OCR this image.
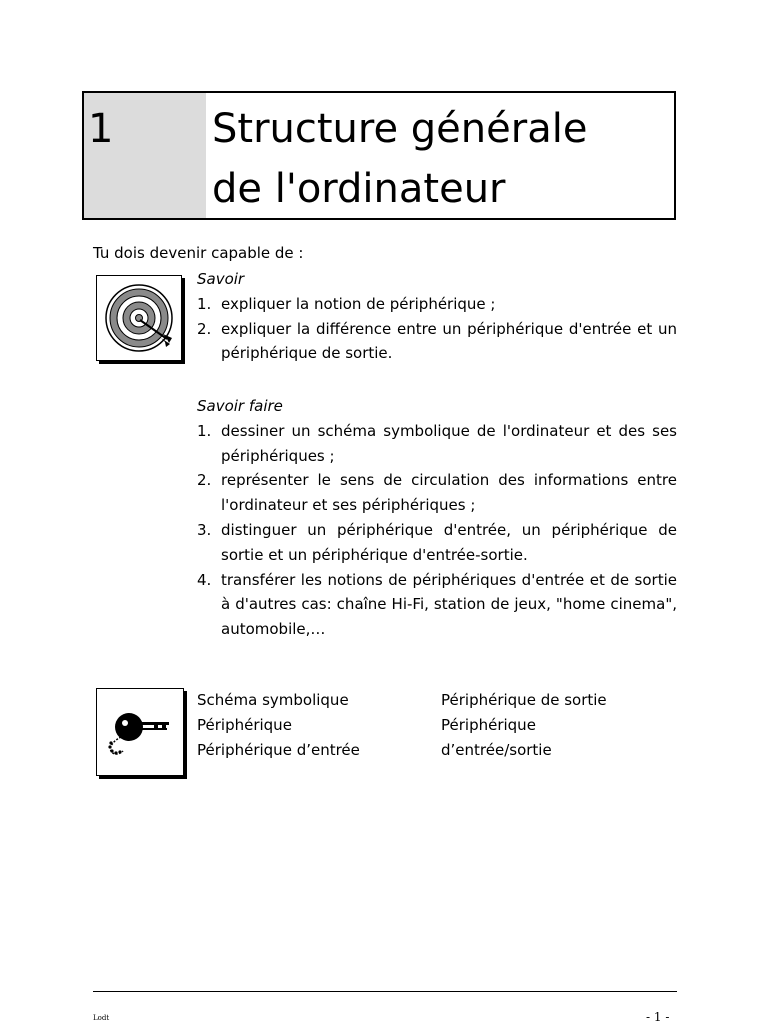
1 Structure générale
de l'ordinateur
Tu dois devenir capable de :
Savoir
1. expliquer la notion de périphérique ;
2. expliquer la différence entre un périphérique d'entrée et un périphérique de sortie.
Savoir faire
1. dessiner un schéma symbolique de l'ordinateur et des ses périphériques ;
2. représenter le sens de circulation des informations entre l'ordinateur et ses périphériques ;
3. distinguer un périphérique d'entrée, un périphérique de sortie et un périphérique d'entrée-sortie.
4. transférer les notions de périphériques d'entrée et de sortie à d'autres cas: chaîne Hi-Fi, station de jeux, "home cinema", automobile,…
Schéma symbolique
Périphérique
Périphérique d’entrée
Périphérique de sortie
Périphérique
d’entrée/sortie
Lodt	- 1 -
